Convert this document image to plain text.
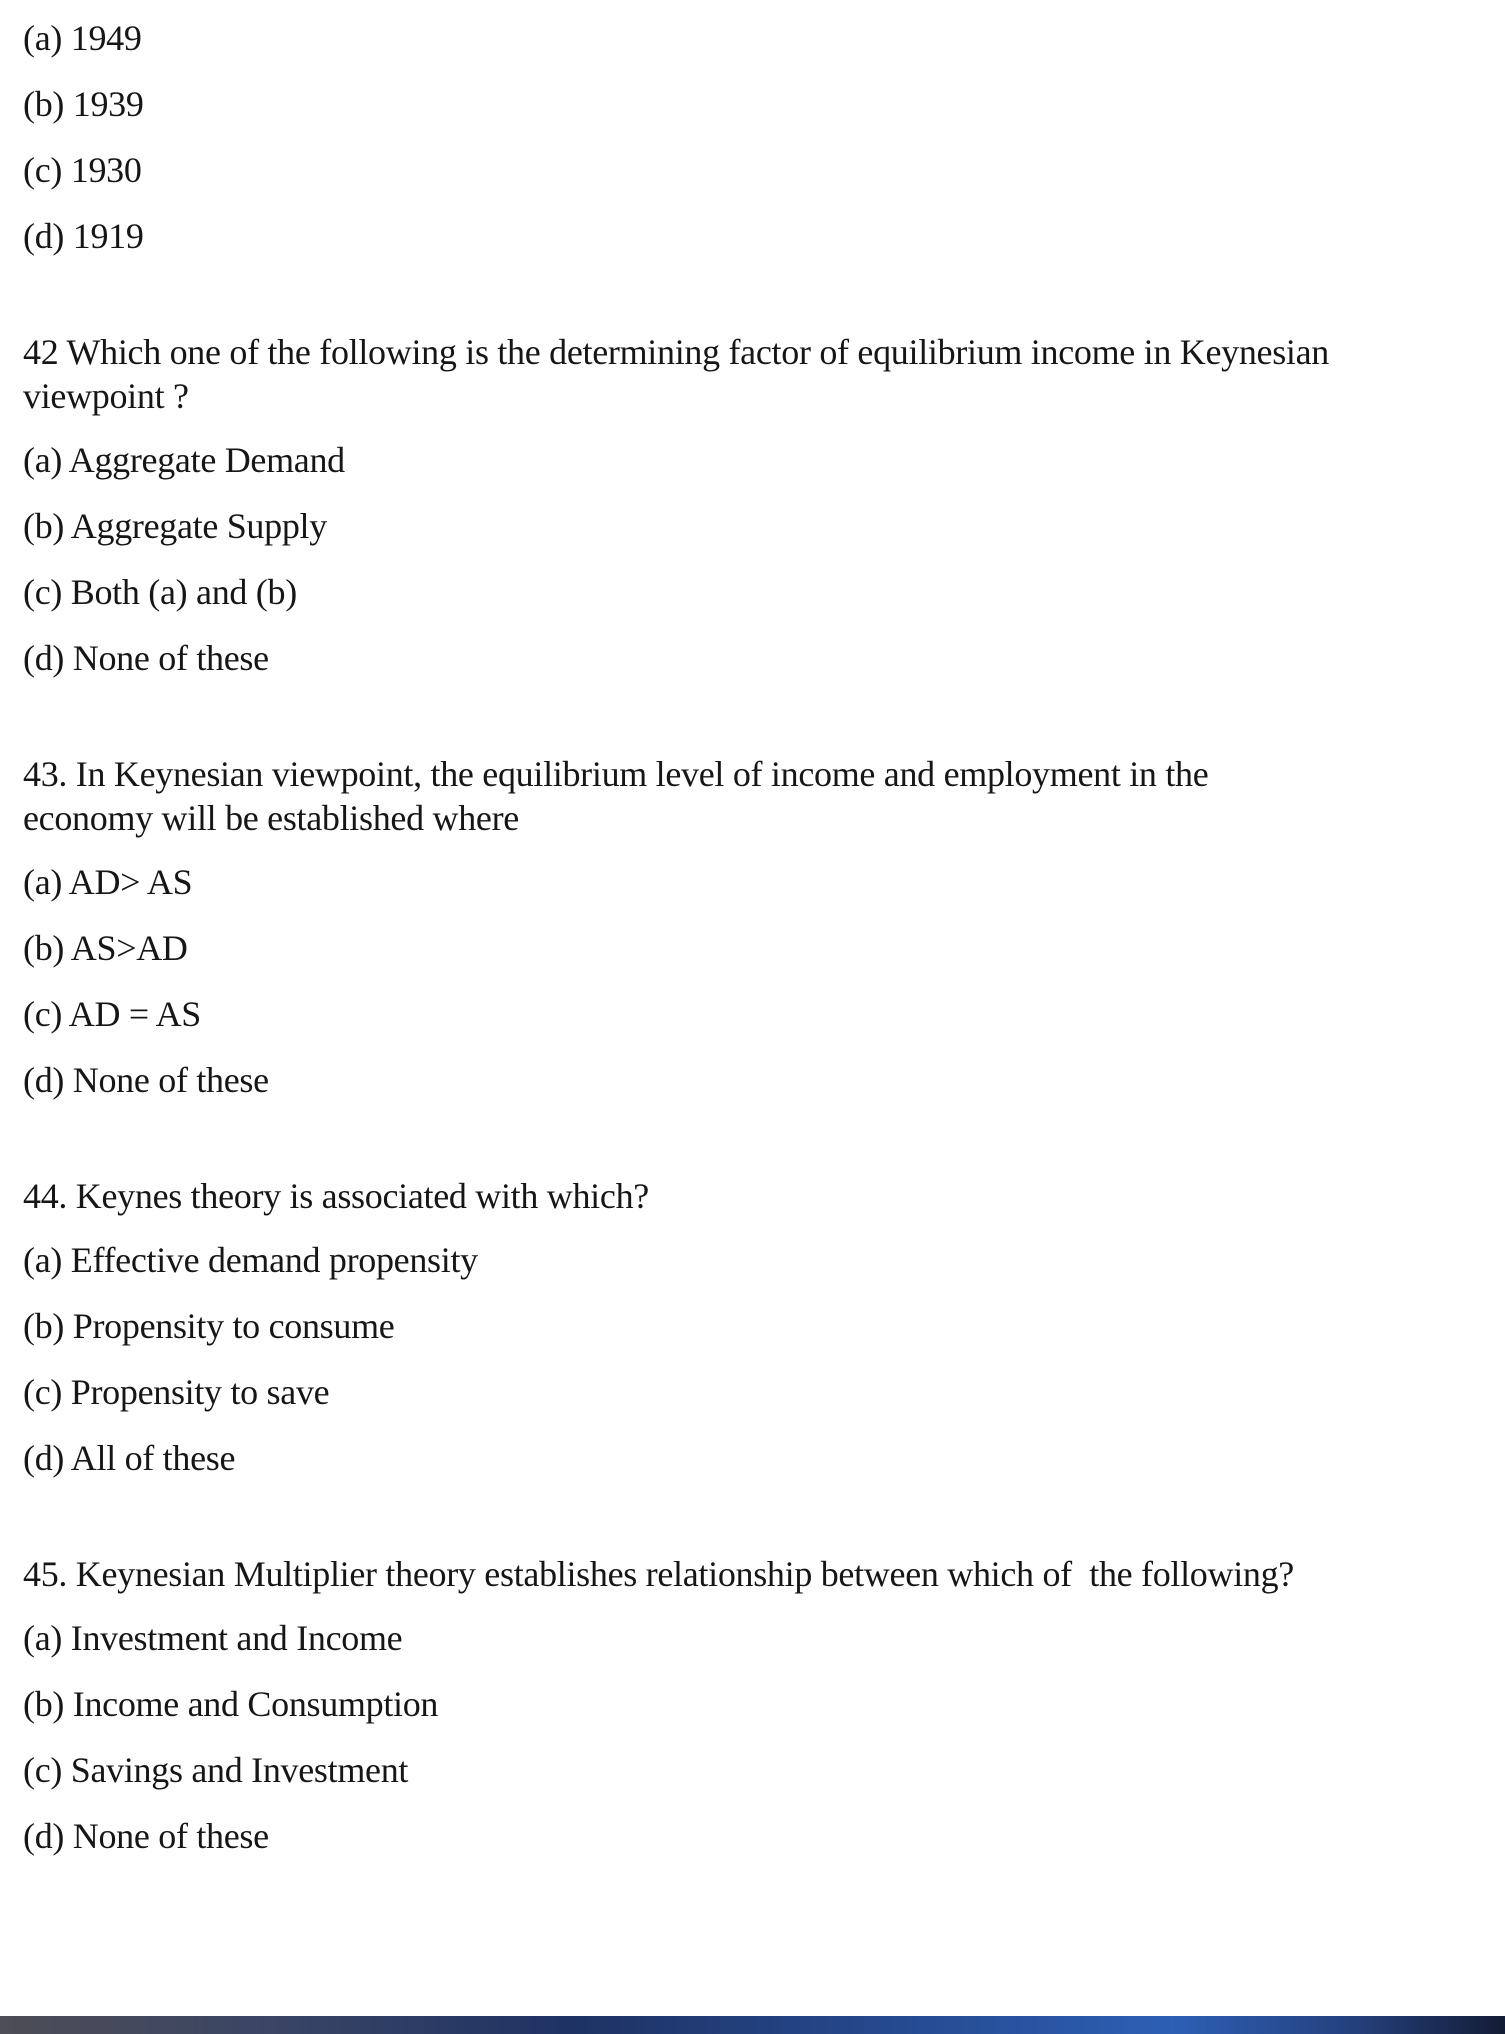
(a) 1949

(b) 1939

(c) 1930

(d) 1919

42 Which one of the following is the determining factor of equilibrium income in Keynesian
viewpoint ?

(a) Aggregate Demand

(b) Aggregate Supply

(c) Both (a) and (b)

(d) None of these

43. In Keynesian viewpoint, the equilibrium level of income and employment in the
economy will be established where

(a) AD> AS

(b) AS>AD

(c) AD = AS

(d) None of these

44. Keynes theory is associated with which?

(a) Effective demand propensity

(b) Propensity to consume

(c) Propensity to save

(d) All of these

45. Keynesian Multiplier theory establishes relationship between which of  the following?

(a) Investment and Income

(b) Income and Consumption

(c) Savings and Investment

(d) None of these
